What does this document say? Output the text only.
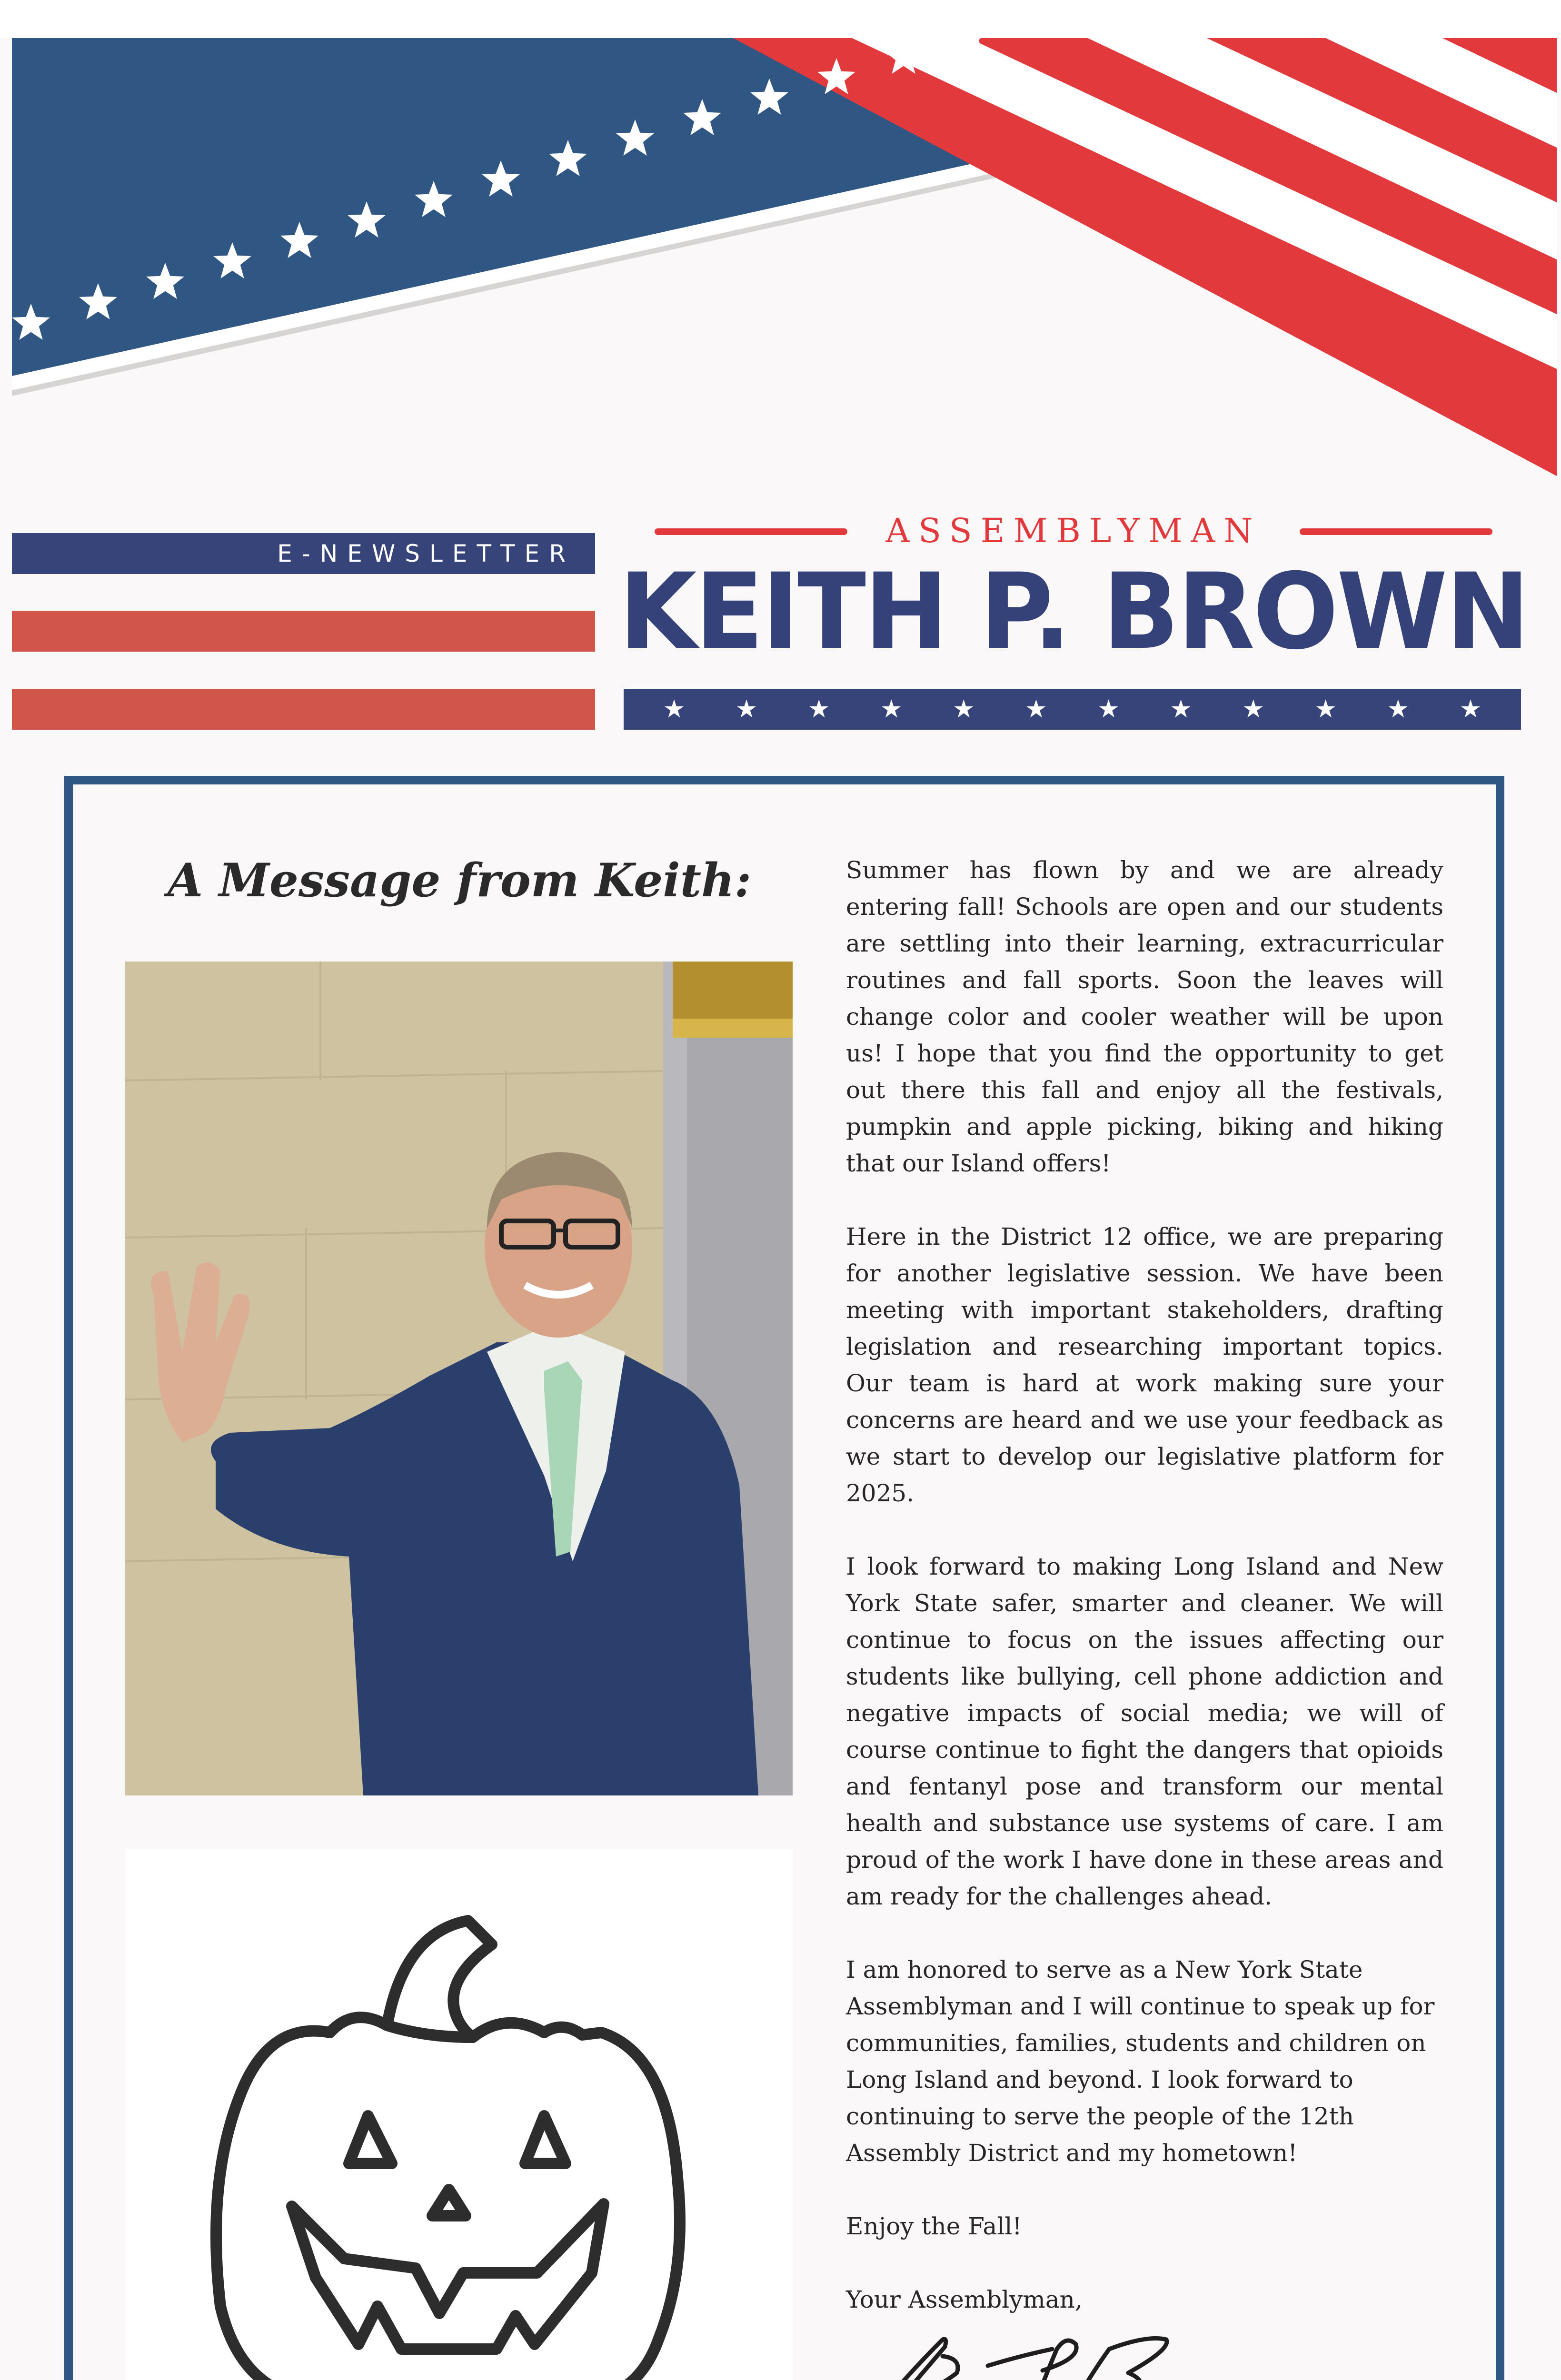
E-NEWSLETTER
ASSEMBLYMAN
KEITH P. BROWN
★ ★ ★ ★ ★ ★ ★ ★ ★ ★ ★ ★
A Message from Keith:	Summer has flown by and we are already entering fall! Schools are open and our students are settling into their learning, extracurricular routines and fall sports. Soon the leaves will change color and cooler weather will be upon us! I hope that you find the opportunity to get out there this fall and enjoy all the festivals, pumpkin and apple picking, biking and hiking that our Island offers!

Here in the District 12 office, we are preparing for another legislative session. We have been meeting with important stakeholders, drafting legislation and researching important topics. Our team is hard at work making sure your concerns are heard and we use your feedback as we start to develop our legislative platform for 2025.

I look forward to making Long Island and New York State safer, smarter and cleaner. We will continue to focus on the issues affecting our students like bullying, cell phone addiction and negative impacts of social media; we will of course continue to fight the dangers that opioids and fentanyl pose and transform our mental health and substance use systems of care. I am proud of the work I have done in these areas and am ready for the challenges ahead.

I am honored to serve as a New York State Assemblyman and I will continue to speak up for communities, families, students and children on Long Island and beyond. I look forward to continuing to serve the people of the 12th Assembly District and my hometown!

Enjoy the Fall!

Your Assemblyman,
